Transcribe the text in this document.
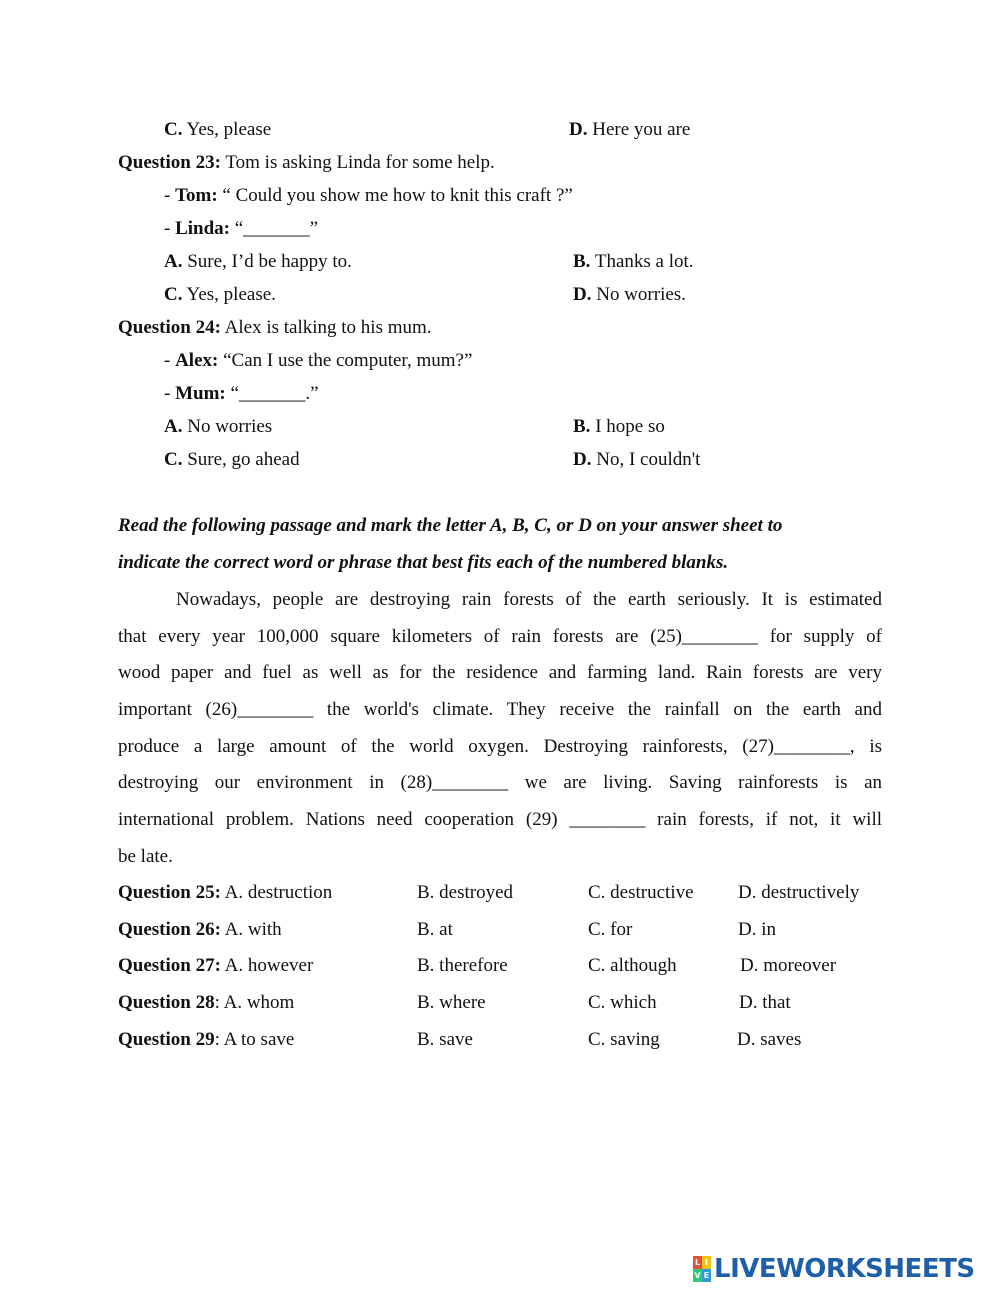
C. Yes, please	D. Here you are
Question 23: Tom is asking Linda for some help.
- Tom: “ Could you show me how to knit this craft ?”
- Linda: “_______”
A. Sure, I’d be happy to.	B. Thanks a lot.
C. Yes, please.	D. No worries.
Question 24: Alex is talking to his mum.
- Alex: “Can I use the computer, mum?”
- Mum: “_______.”
A. No worries	B. I hope so
C. Sure, go ahead	D. No, I couldn't
Read the following passage and mark the letter A, B, C, or D on your answer sheet to
indicate the correct word or phrase that best fits each of the numbered blanks.
Nowadays, people are destroying rain forests of the earth seriously. It is estimated
that every year 100,000 square kilometers of rain forests are (25)________ for supply of
wood paper and fuel as well as for the residence and farming land. Rain forests are very
important (26)________ the world's climate. They receive the rainfall on the earth and
produce a large amount of the world oxygen. Destroying rainforests, (27)________, is
destroying our environment in (28)________ we are living. Saving rainforests is an
international problem. Nations need cooperation (29) ________ rain forests, if not, it will
be late.
Question 25: A. destruction	B. destroyed	C. destructive D. destructively
Question 26: A. with	B. at	C. for	D. in
Question 27: A. however	B. therefore	C. although	D. moreover
Question 28: A. whom	B. where	C. which	D. that
Question 29: A to save	B. save	C. saving	D. saves
L I
V E LIVEWORKSHEETS
